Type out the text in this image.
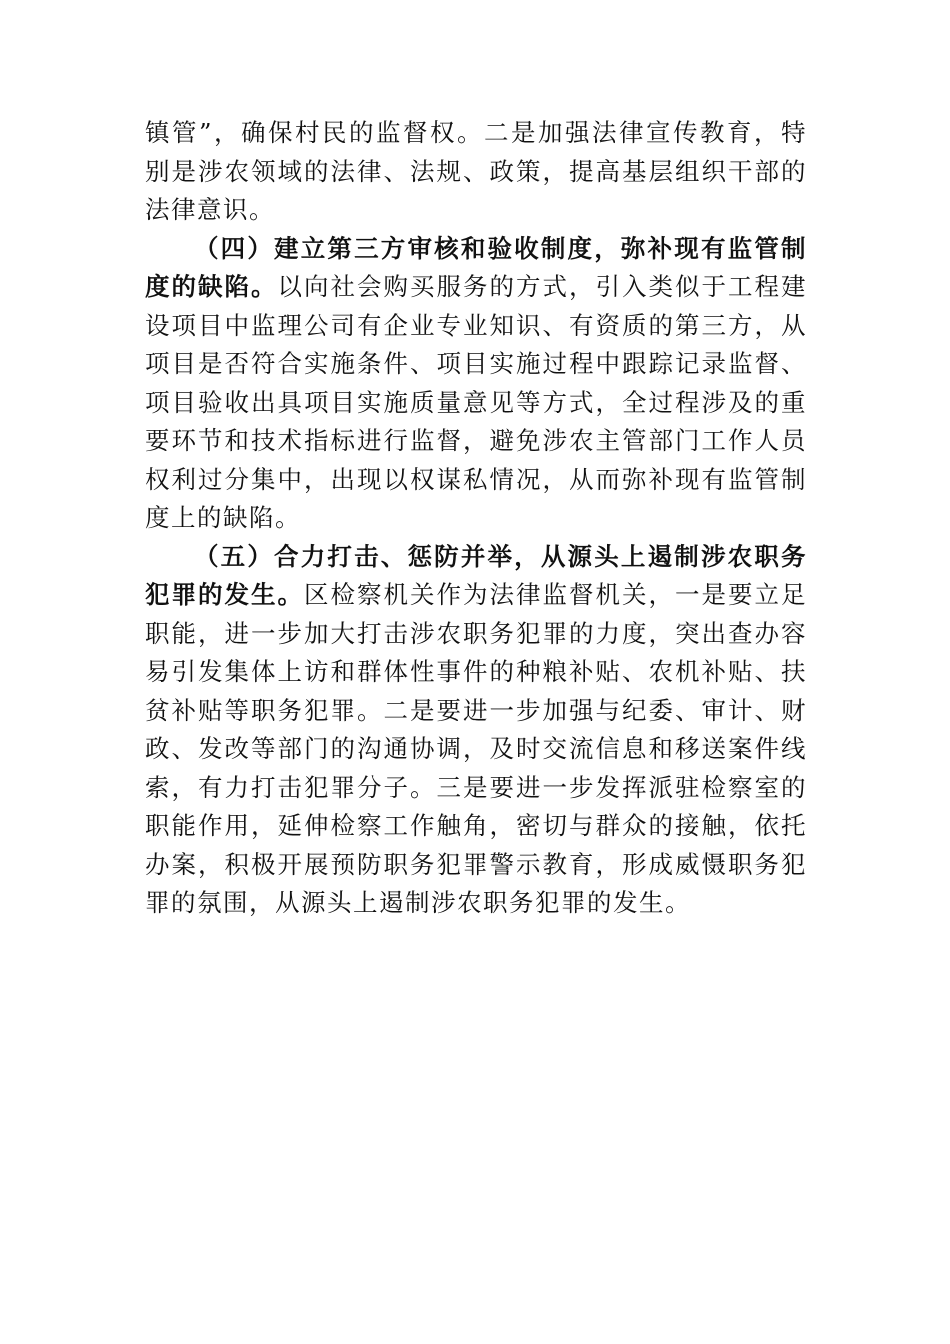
镇管”，确保村民的监督权。二是加强法律宣传教育，特别是涉农领域的法律、法规、政策，提高基层组织干部的法律意识。

（四）建立第三方审核和验收制度，弥补现有监管制度的缺陷。以向社会购买服务的方式，引入类似于工程建设项目中监理公司有企业专业知识、有资质的第三方，从项目是否符合实施条件、项目实施过程中跟踪记录监督、项目验收出具项目实施质量意见等方式，全过程涉及的重要环节和技术指标进行监督，避免涉农主管部门工作人员权利过分集中，出现以权谋私情况，从而弥补现有监管制度上的缺陷。

（五）合力打击、惩防并举，从源头上遏制涉农职务犯罪的发生。区检察机关作为法律监督机关，一是要立足职能，进一步加大打击涉农职务犯罪的力度，突出查办容易引发集体上访和群体性事件的种粮补贴、农机补贴、扶贫补贴等职务犯罪。二是要进一步加强与纪委、审计、财政、发改等部门的沟通协调，及时交流信息和移送案件线索，有力打击犯罪分子。三是要进一步发挥派驻检察室的职能作用，延伸检察工作触角，密切与群众的接触，依托办案，积极开展预防职务犯罪警示教育，形成威慑职务犯罪的氛围，从源头上遏制涉农职务犯罪的发生。
